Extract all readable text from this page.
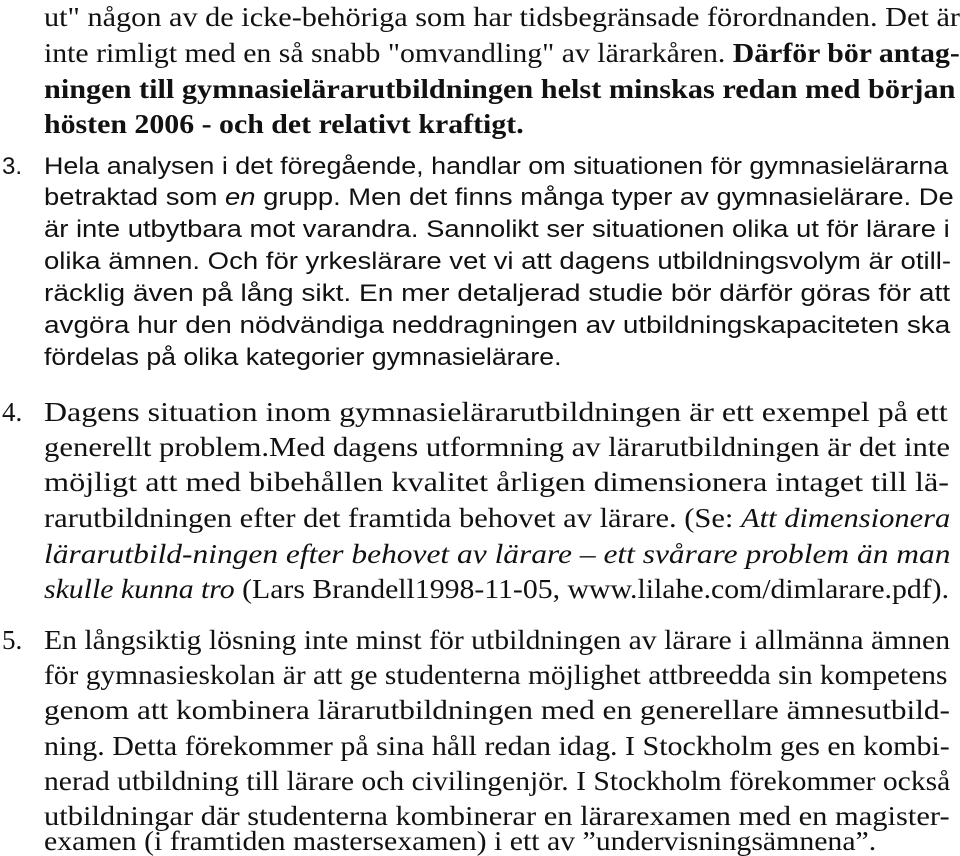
ut" någon av de icke-behöriga som har tidsbegränsade förordnanden. Det är
inte rimligt med en så snabb "omvandling" av lärarkåren. Därför bör antag-
ningen till gymnasielärarutbildningen helst minskas redan med början
hösten 2006 - och det relativt kraftigt.
3. Hela analysen i det föregående, handlar om situationen för gymnasielärarna
betraktad som en grupp. Men det finns många typer av gymnasielärare. De
är inte utbytbara mot varandra. Sannolikt ser situationen olika ut för lärare i
olika ämnen. Och för yrkeslärare vet vi att dagens utbildningsvolym är otill-
räcklig även på lång sikt. En mer detaljerad studie bör därför göras för att
avgöra hur den nödvändiga neddragningen av utbildningskapaciteten ska
fördelas på olika kategorier gymnasielärare.
4. Dagens situation inom gymnasielärarutbildningen är ett exempel på ett
generellt problem.Med dagens utformning av lärarutbildningen är det inte
möjligt att med bibehållen kvalitet årligen dimensionera intaget till lä-
rarutbildningen efter det framtida behovet av lärare. (Se: Att dimensionera
lärarutbild-ningen efter behovet av lärare – ett svårare problem än man
skulle kunna tro (Lars Brandell1998-11-05, www.lilahe.com/dimlarare.pdf).
5. En långsiktig lösning inte minst för utbildningen av lärare i allmänna ämnen
för gymnasieskolan är att ge studenterna möjlighet attbreedda sin kompetens
genom att kombinera lärarutbildningen med en generellare ämnesutbild-
ning. Detta förekommer på sina håll redan idag. I Stockholm ges en kombi-
nerad utbildning till lärare och civilingenjör. I Stockholm förekommer också
utbildningar där studenterna kombinerar en lärarexamen med en magister-
examen (i framtiden mastersexamen) i ett av ”undervisningsämnena”.
